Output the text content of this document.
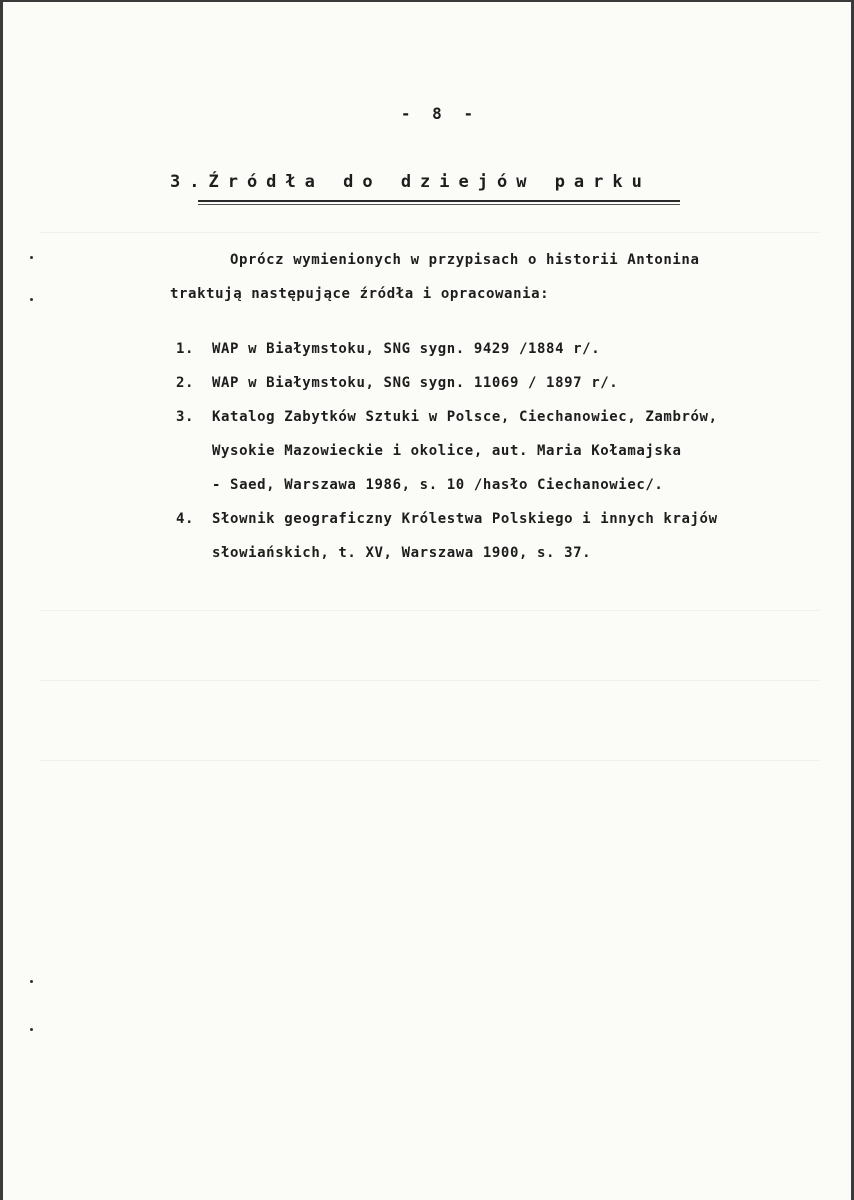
- 8 -
3.Źródła do dziejów parku
Oprócz wymienionych w przypisach o historii Antonina
traktują następujące źródła i opracowania:
1.	WAP w Białymstoku, SNG sygn. 9429 /1884 r/.
2.	WAP w Białymstoku, SNG sygn. 11069 / 1897 r/.
3.	Katalog Zabytków Sztuki w Polsce, Ciechanowiec, Zambrów,
Wysokie Mazowieckie i okolice, aut. Maria Kołamajska
- Saed, Warszawa 1986, s. 10 /hasło Ciechanowiec/.
4.	Słownik geograficzny Królestwa Polskiego i innych krajów
słowiańskich, t. XV, Warszawa 1900, s. 37.
